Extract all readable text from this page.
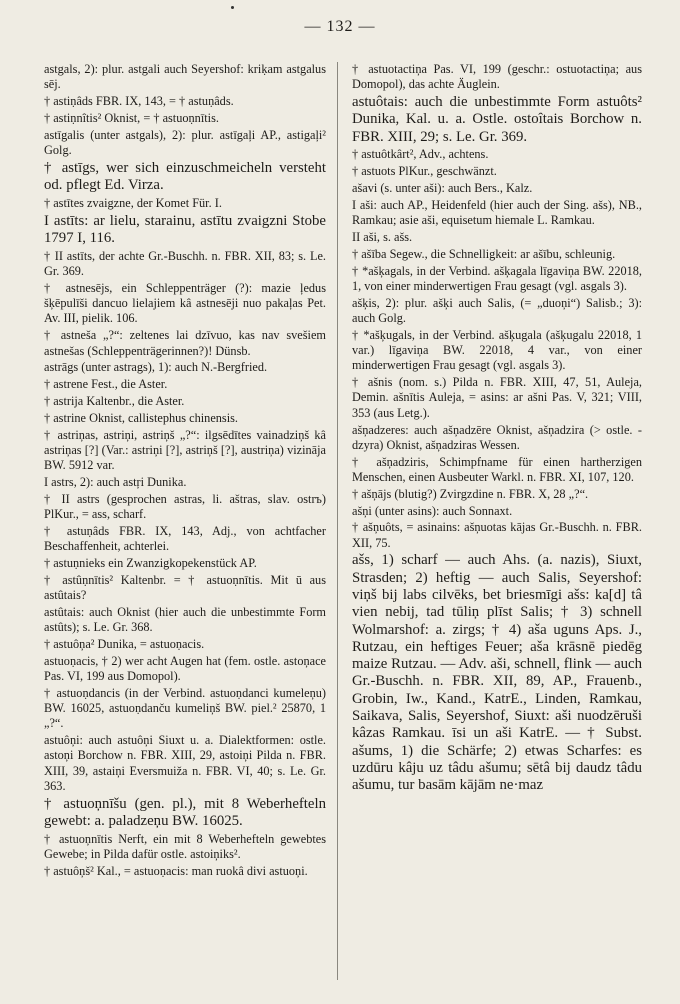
— 132 —
astgals, 2): plur. astgali auch Seyershof: kriḳam astgalus sēj.
† astiṇâds FBR. IX, 143, = † astuṇâds.
† astiṇnîtis² Oknist, = † astuoṇnītis.
astīgalis (unter astgals), 2): plur. astīgaļi AP., astigaļi² Golg.
† astīgs, wer sich einzuschmeicheln versteht od. pflegt Ed. Virza.
† astītes zvaigzne, der Komet Für. I.
I astīts: ar lielu, starainu, astītu zvaigzni Stobe 1797 I, 116.
† II astīts, der achte Gr.-Buschh. n. FBR. XII, 83; s. Le. Gr. 369.
† astnesējs, ein Schleppenträger (?): mazie ļedus šķēpulīši dancuo lielajiem kâ astnesēji nuo pakaļas Pet. Av. III, pielik. 106.
† astnešа „?“: zeltenes lai dzīvuo, kas nav svešiem astnešas (Schleppenträgerinnen?)! Dünsb.
astrāgs (unter astrags), 1): auch N.-Bergfried.
† astrene Fest., die Aster.
† astrija Kaltenbr., die Aster.
† astrine Oknist, callistephus chinensis.
† astriņas, astriņi, astriņš „?“: ilgsēdītes vainadziņš kâ astriņas [?] (Var.: astriņi [?], astriņš [?], austriņa) vizināja BW. 5912 var.
I astrs, 2): auch astŗi Dunika.
† II astrs (gesprochen astras, li. aštras, slav. ostrъ) PlKur., = ass, scharf.
† astuṇâds FBR. IX, 143, Adj., von achtfacher Beschaffenheit, achterlei.
† astuṇnieks ein Zwanzigkopekenstück AP.
† astûṇnītis² Kaltenbr. = † astuoṇnītis. Mit ū aus astûtais?
astûtais: auch Oknist (hier auch die unbestimmte Form astûts); s. Le. Gr. 368.
† astuôņa² Dunika, = astuoṇacis.
astuoṇacis, † 2) wer acht Augen hat (fem. ostle. astoņace Pas. VI, 199 aus Domopol).
† astuoṇdancis (in der Verbind. astuoṇdanci kumeleņu) BW. 16025, astuoṇdanču kumeliņš BW. piel.² 25870, 1 „?“.
astuôņi: auch astuôņi Siuxt u. a. Dialektformen: ostle. astoņi Borchow n. FBR. XIII, 29, astoiņi Pilda n. FBR. XIII, 39, astaiņi Eversmuiža n. FBR. VI, 40; s. Le. Gr. 363.
† astuoņnīšu (gen. pl.), mit 8 Weberhefteln gewebt: a. paladzeņu BW. 16025.
† astuoņnītis Nerft, ein mit 8 Weberhefteln gewebtes Gewebe; in Pilda dafür ostle. astoiņiks².
† astuôņš² Kal., = astuoṇacis: man ruokâ divi astuoņi.
† astuotactiņa Pas. VI, 199 (geschr.: ostuotactiņa; aus Domopol), das achte Äuglein.
astuôtais: auch die unbestimmte Form astuôts² Dunika, Kal. u. a. Ostle. ostoîtais Borchow n. FBR. XIII, 29; s. Le. Gr. 369.
† astuôtkârt², Adv., achtens.
† astuots PlKur., geschwänzt.
ašavi (s. unter aši): auch Bers., Kalz.
I aši: auch AP., Heidenfeld (hier auch der Sing. ašs), NB., Ramkau; asie aši, equisetum hiemale L. Ramkau.
II aši, s. ašs.
† ašība Segew., die Schnelligkeit: ar ašību, schleunig.
† *ašķagals, in der Verbind. ašķagala līgaviņa BW. 22018, 1, von einer minderwertigen Frau gesagt (vgl. asgals 3).
ašķis, 2): plur. ašķi auch Salis, (= „duoņi“) Salisb.; 3): auch Golg.
† *ašķugals, in der Verbind. ašķugala (ašķugalu 22018, 1 var.) līgaviņa BW. 22018, 4 var., von einer minderwertigen Frau gesagt (vgl. asgals 3).
† ašnis (nom. s.) Pilda n. FBR. XIII, 47, 51, Auleja, Demin. ašnītis Auleja, = asins: ar ašni Pas. V, 321; VIII, 353 (aus Letg.).
ašņadzeres: auch ašņadzēre Oknist, ašņadzira (> ostle. -dzyra) Oknist, ašņadziras Wessen.
† ašņadziris, Schimpfname für einen hartherzigen Menschen, einen Ausbeuter Warkl. n. FBR. XI, 107, 120.
† ašņājs (blutig?) Zvirgzdine n. FBR. X, 28 „?“.
ašņi (unter asins): auch Sonnaxt.
† ašņuôts, = asinains: ašņuotas kājas Gr.-Buschh. n. FBR. XII, 75.
ašs, 1) scharf — auch Ahs. (a. nazis), Siuxt, Strasden; 2) heftig — auch Salis, Seyershof: viņš bij labs cilvēks, bet briesmīgi ašs: ka[d] tâ vien nebij, tad tūliņ plīst Salis; † 3) schnell Wolmarshof: a. zirgs; † 4) aša uguns Aps. J., Rutzau, ein heftiges Feuer; aša krāsnē piedēg maize Rutzau. — Adv. aši, schnell, flink — auch Gr.-Buschh. n. FBR. XII, 89, AP., Frauenb., Grobin, Iw., Kand., KatrE., Linden, Ramkau, Saikava, Salis, Seyershof, Siuxt: aši nuodzēruši kâzas Ramkau. īsi un aši KatrE. — † Subst. ašums, 1) die Schärfe; 2) etwas Scharfes: es uzdūru kâju uz tâdu ašumu; sētâ bij daudz tâdu ašumu, tur basām kājām ne·maz
